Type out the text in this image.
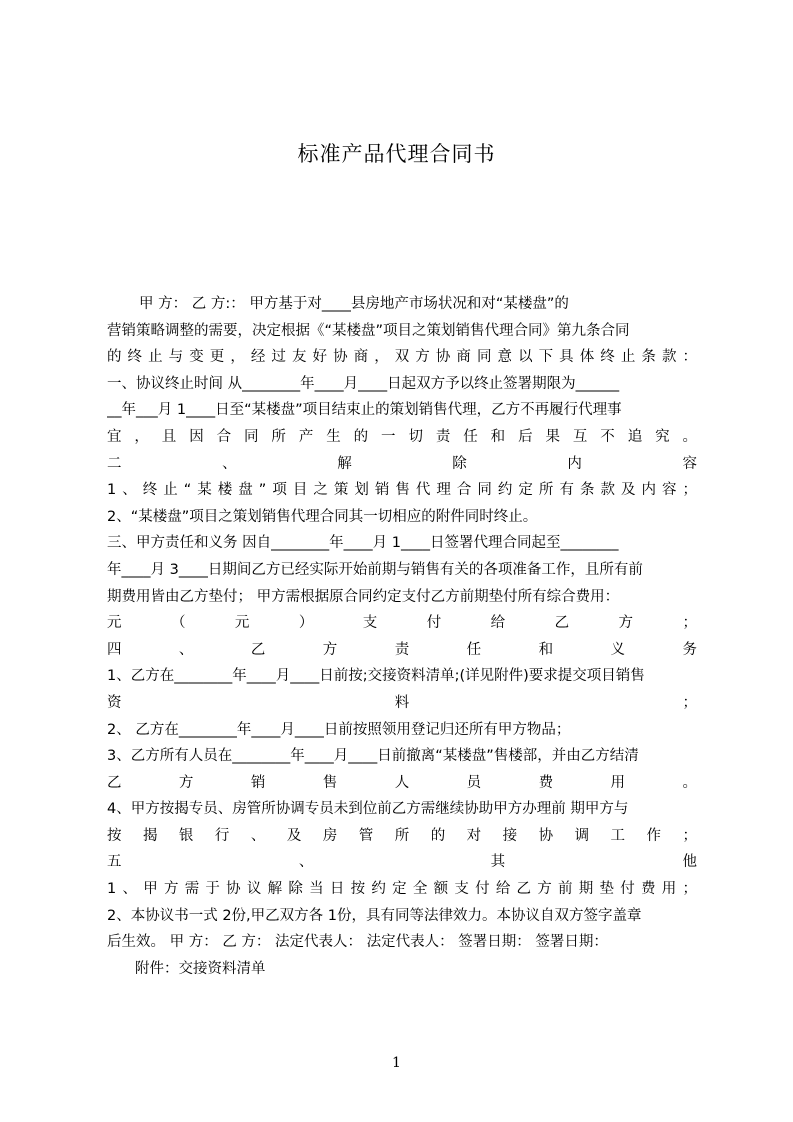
标准产品代理合同书
甲 方： 乙 方:： 甲方基于对____县房地产市场状况和对“某楼盘”的
营销策略调整的需要，决定根据《“某楼盘”项目之策划销售代理合同》第九条合同
的终止与变更，经过友好协商，双方协商同意以下具体终止条款：
一、协议终止时间 从________年____月____日起双方予以终止签署期限为______
__年___月 1____日至“某楼盘”项目结束止的策划销售代理，乙方不再履行代理事
宜，且因合同所产生的一切责任和后果互不追究。
二 、 解 除 内 容
1、终止“某楼盘”项目之策划销售代理合同约定所有条款及内容；
2、“某楼盘”项目之策划销售代理合同其一切相应的附件同时终止。
三、甲方责任和义务 因自________年____月 1____日签署代理合同起至________
年____月 3____日期间乙方已经实际开始前期与销售有关的各项准备工作，且所有前
期费用皆由乙方垫付； 甲方需根据原合同约定支付乙方前期垫付所有综合费用：
元 （ 元 ） 支 付 给 乙 方 ；
四 、 乙 方 责 任 和 义 务
1、乙方在________年____月____日前按;交接资料清单;(详见附件)要求提交项目销售
资 料 ；
2、 乙方在________年____月____日前按照领用登记归还所有甲方物品；
3、乙方所有人员在________年____月____日前撤离“某楼盘”售楼部，并由乙方结清
乙 方 销 售 人 员 费 用 。
4、甲方按揭专员、房管所协调专员未到位前乙方需继续协助甲方办理前 期甲方与
按 揭 银 行 、 及 房 管 所 的 对 接 协 调 工 作 ；
五 、 其 他
1、甲方需于协议解除当日按约定全额支付给乙方前期垫付费用；
2、本协议书一式 2份,甲乙双方各 1份，具有同等法律效力。本协议自双方签字盖章
后生效。 甲 方： 乙 方： 法定代表人： 法定代表人： 签署日期： 签署日期：
附件：交接资料清单
1
